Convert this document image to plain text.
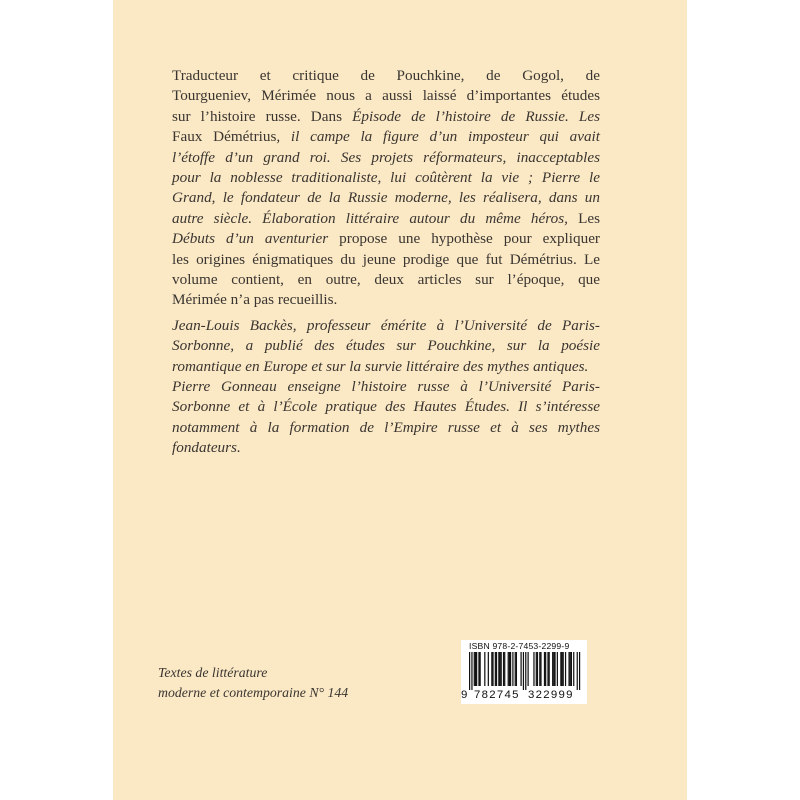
Traducteur et critique de Pouchkine, de Gogol, de
Tourgueniev, Mérimée nous a aussi laissé d’importantes études
sur l’histoire russe. Dans Épisode de l’histoire de Russie. Les
Faux Démétrius, il campe la figure d’un imposteur qui avait
l’étoffe d’un grand roi. Ses projets réformateurs, inacceptables
pour la noblesse traditionaliste, lui coûtèrent la vie ; Pierre le
Grand, le fondateur de la Russie moderne, les réalisera, dans un
autre siècle. Élaboration littéraire autour du même héros, Les
Débuts d’un aventurier propose une hypothèse pour expliquer
les origines énigmatiques du jeune prodige que fut Démétrius. Le
volume contient, en outre, deux articles sur l’époque, que
Mérimée n’a pas recueillis.
Jean-Louis Backès, professeur émérite à l’Université de Paris-
Sorbonne, a publié des études sur Pouchkine, sur la poésie
romantique en Europe et sur la survie littéraire des mythes antiques.
Pierre Gonneau enseigne l’histoire russe à l’Université Paris-
Sorbonne et à l’École pratique des Hautes Études. Il s’intéresse
notamment à la formation de l’Empire russe et à ses mythes
fondateurs.
Textes de littérature
moderne et contemporaine N° 144
ISBN 978-2-7453-2299-9
9 782745 322999
